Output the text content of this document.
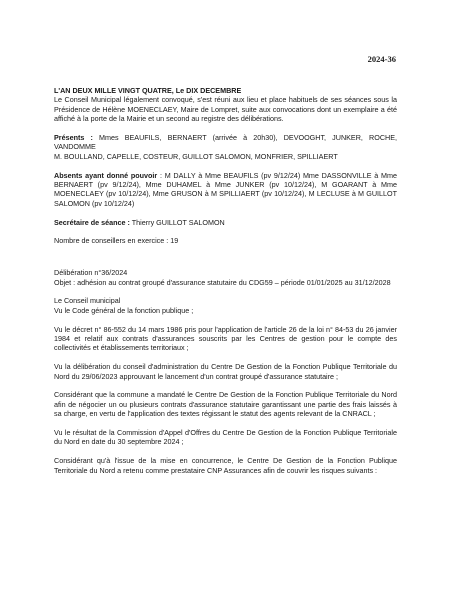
2024-36

L'AN DEUX MILLE VINGT QUATRE, Le DIX DECEMBRE

Le Conseil Municipal légalement convoqué, s'est réuni aux lieu et place habituels de ses séances sous la Présidence de Hélène MOENECLAEY, Maire de Lompret, suite aux convocations dont un exemplaire a été affiché à la porte de la Mairie et un second au registre des délibérations.

Présents : Mmes BEAUFILS, BERNAERT (arrivée à 20h30), DEVOOGHT, JUNKER, ROCHE, VANDOMME

M. BOULLAND, CAPELLE, COSTEUR, GUILLOT SALOMON, MONFRIER, SPILLIAERT

Absents ayant donné pouvoir : M DALLY à Mme BEAUFILS (pv 9/12/24) Mme DASSONVILLE à Mme BERNAERT (pv 9/12/24), Mme DUHAMEL à Mme JUNKER (pv 10/12/24), M GOARANT à Mme MOENECLAEY (pv 10/12/24), Mme GRUSON à M SPILLIAERT (pv 10/12/24), M LECLUSE à M GUILLOT SALOMON (pv 10/12/24)

Secrétaire de séance : Thierry GUILLOT SALOMON

Nombre de conseillers en exercice : 19

Délibération n°36/2024

Objet : adhésion au contrat groupé d'assurance statutaire du CDG59 – période 01/01/2025 au 31/12/2028

Le Conseil municipal

Vu le Code général de la fonction publique ;

Vu le décret n° 86-552 du 14 mars 1986 pris pour l'application de l'article 26 de la loi n° 84-53 du 26 janvier 1984 et relatif aux contrats d'assurances souscrits par les Centres de gestion pour le compte des collectivités et établissements territoriaux ;

Vu la délibération du conseil d'administration du Centre De Gestion de la Fonction Publique Territoriale du Nord du 29/06/2023 approuvant le lancement d'un contrat groupé d'assurance statutaire ;

Considérant que la commune a mandaté le Centre De Gestion de la Fonction Publique Territoriale du Nord afin de négocier un ou plusieurs contrats d'assurance statutaire garantissant une partie des frais laissés à sa charge, en vertu de l'application des textes régissant le statut des agents relevant de la CNRACL ;

Vu le résultat de la Commission d'Appel d'Offres du Centre De Gestion de la Fonction Publique Territoriale du Nord en date du 30 septembre 2024 ;

Considérant qu'à l'issue de la mise en concurrence, le Centre De Gestion de la Fonction Publique Territoriale du Nord a retenu comme prestataire CNP Assurances afin de couvrir les risques suivants :
